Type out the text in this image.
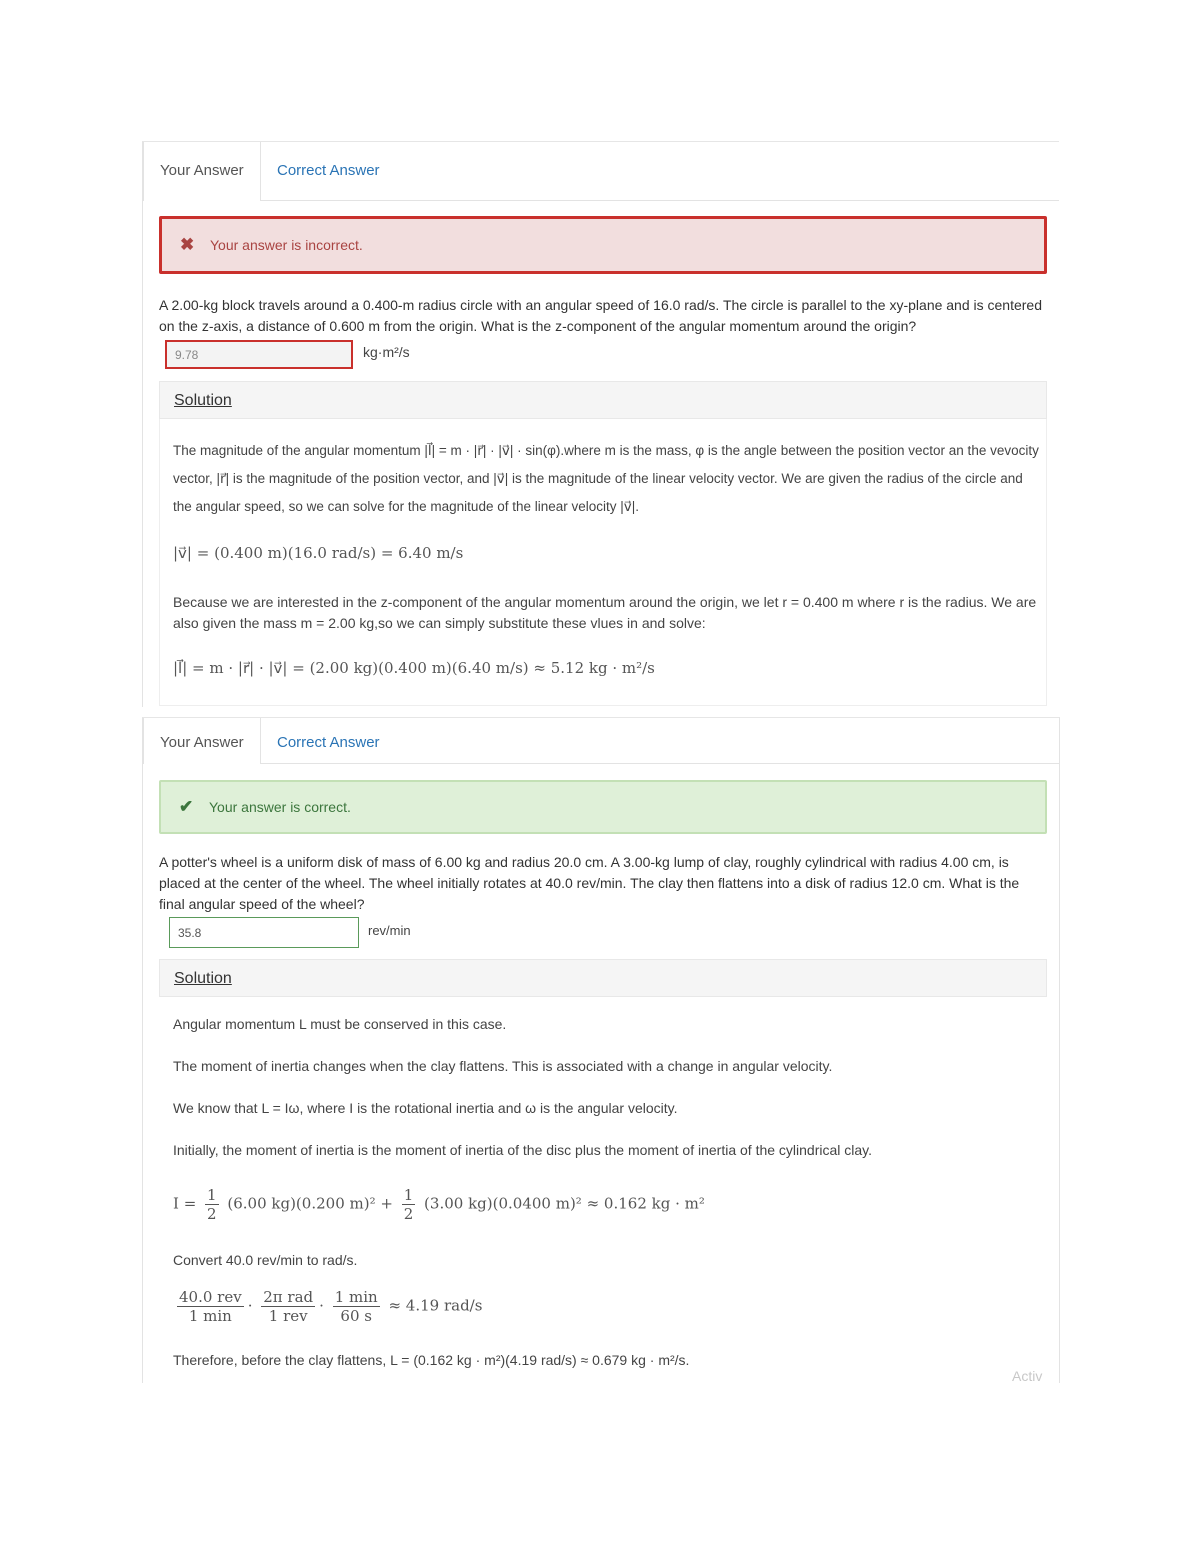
Your Answer	Correct Answer
✖ Your answer is incorrect.
A 2.00-kg block travels around a 0.400-m radius circle with an angular speed of 16.0 rad/s. The circle is parallel to the xy-plane and is centered on the z-axis, a distance of 0.600 m from the origin. What is the z-component of the angular momentum around the origin?
9.78	kg·m²/s
Solution
The magnitude of the angular momentum |l⃗| = m · |r⃗| · |v⃗| · sin(φ).where m is the mass, φ is the angle between the position vector an the vevocity vector, |r⃗| is the magnitude of the position vector, and |v⃗| is the magnitude of the linear velocity vector. We are given the radius of the circle and the angular speed, so we can solve for the magnitude of the linear velocity |v⃗|.
|v⃗| = (0.400 m)(16.0 rad/s) = 6.40 m/s
Because we are interested in the z-component of the angular momentum around the origin, we let r = 0.400 m where r is the radius. We are also given the mass m = 2.00 kg,so we can simply substitute these vlues in and solve:
|l⃗| = m · |r⃗| · |v⃗| = (2.00 kg)(0.400 m)(6.40 m/s) ≈ 5.12 kg · m²/s
Your Answer	Correct Answer
✔ Your answer is correct.
A potter's wheel is a uniform disk of mass of 6.00 kg and radius 20.0 cm. A 3.00-kg lump of clay, roughly cylindrical with radius 4.00 cm, is placed at the center of the wheel. The wheel initially rotates at 40.0 rev/min. The clay then flattens into a disk of radius 12.0 cm. What is the final angular speed of the wheel?
35.8	rev/min
Solution
Angular momentum L must be conserved in this case.
The moment of inertia changes when the clay flattens. This is associated with a change in angular velocity.
We know that L = Iω, where I is the rotational inertia and ω is the angular velocity.
Initially, the moment of inertia is the moment of inertia of the disc plus the moment of inertia of the cylindrical clay.
$I = \frac{1}{2} (6.00$ kg)(0.200 $m)^2 + \frac{1}{2} (3.00$ kg)(0.0400 m)² ≈ 0.162 kg · m²
Convert 40.0 rev/min to rad/s.
$\frac{\text{40.0 rev}}{1 \min} \cdot \frac{\text{2π rad}}{\text{1 rev}} \cdot \frac{1 \min}{60 s} \approx 4.19$ rad/s
Therefore, before the clay flattens, L = (0.162 kg · m²)(4.19 rad/s) ≈ 0.679 kg · m²/s.
Activ
